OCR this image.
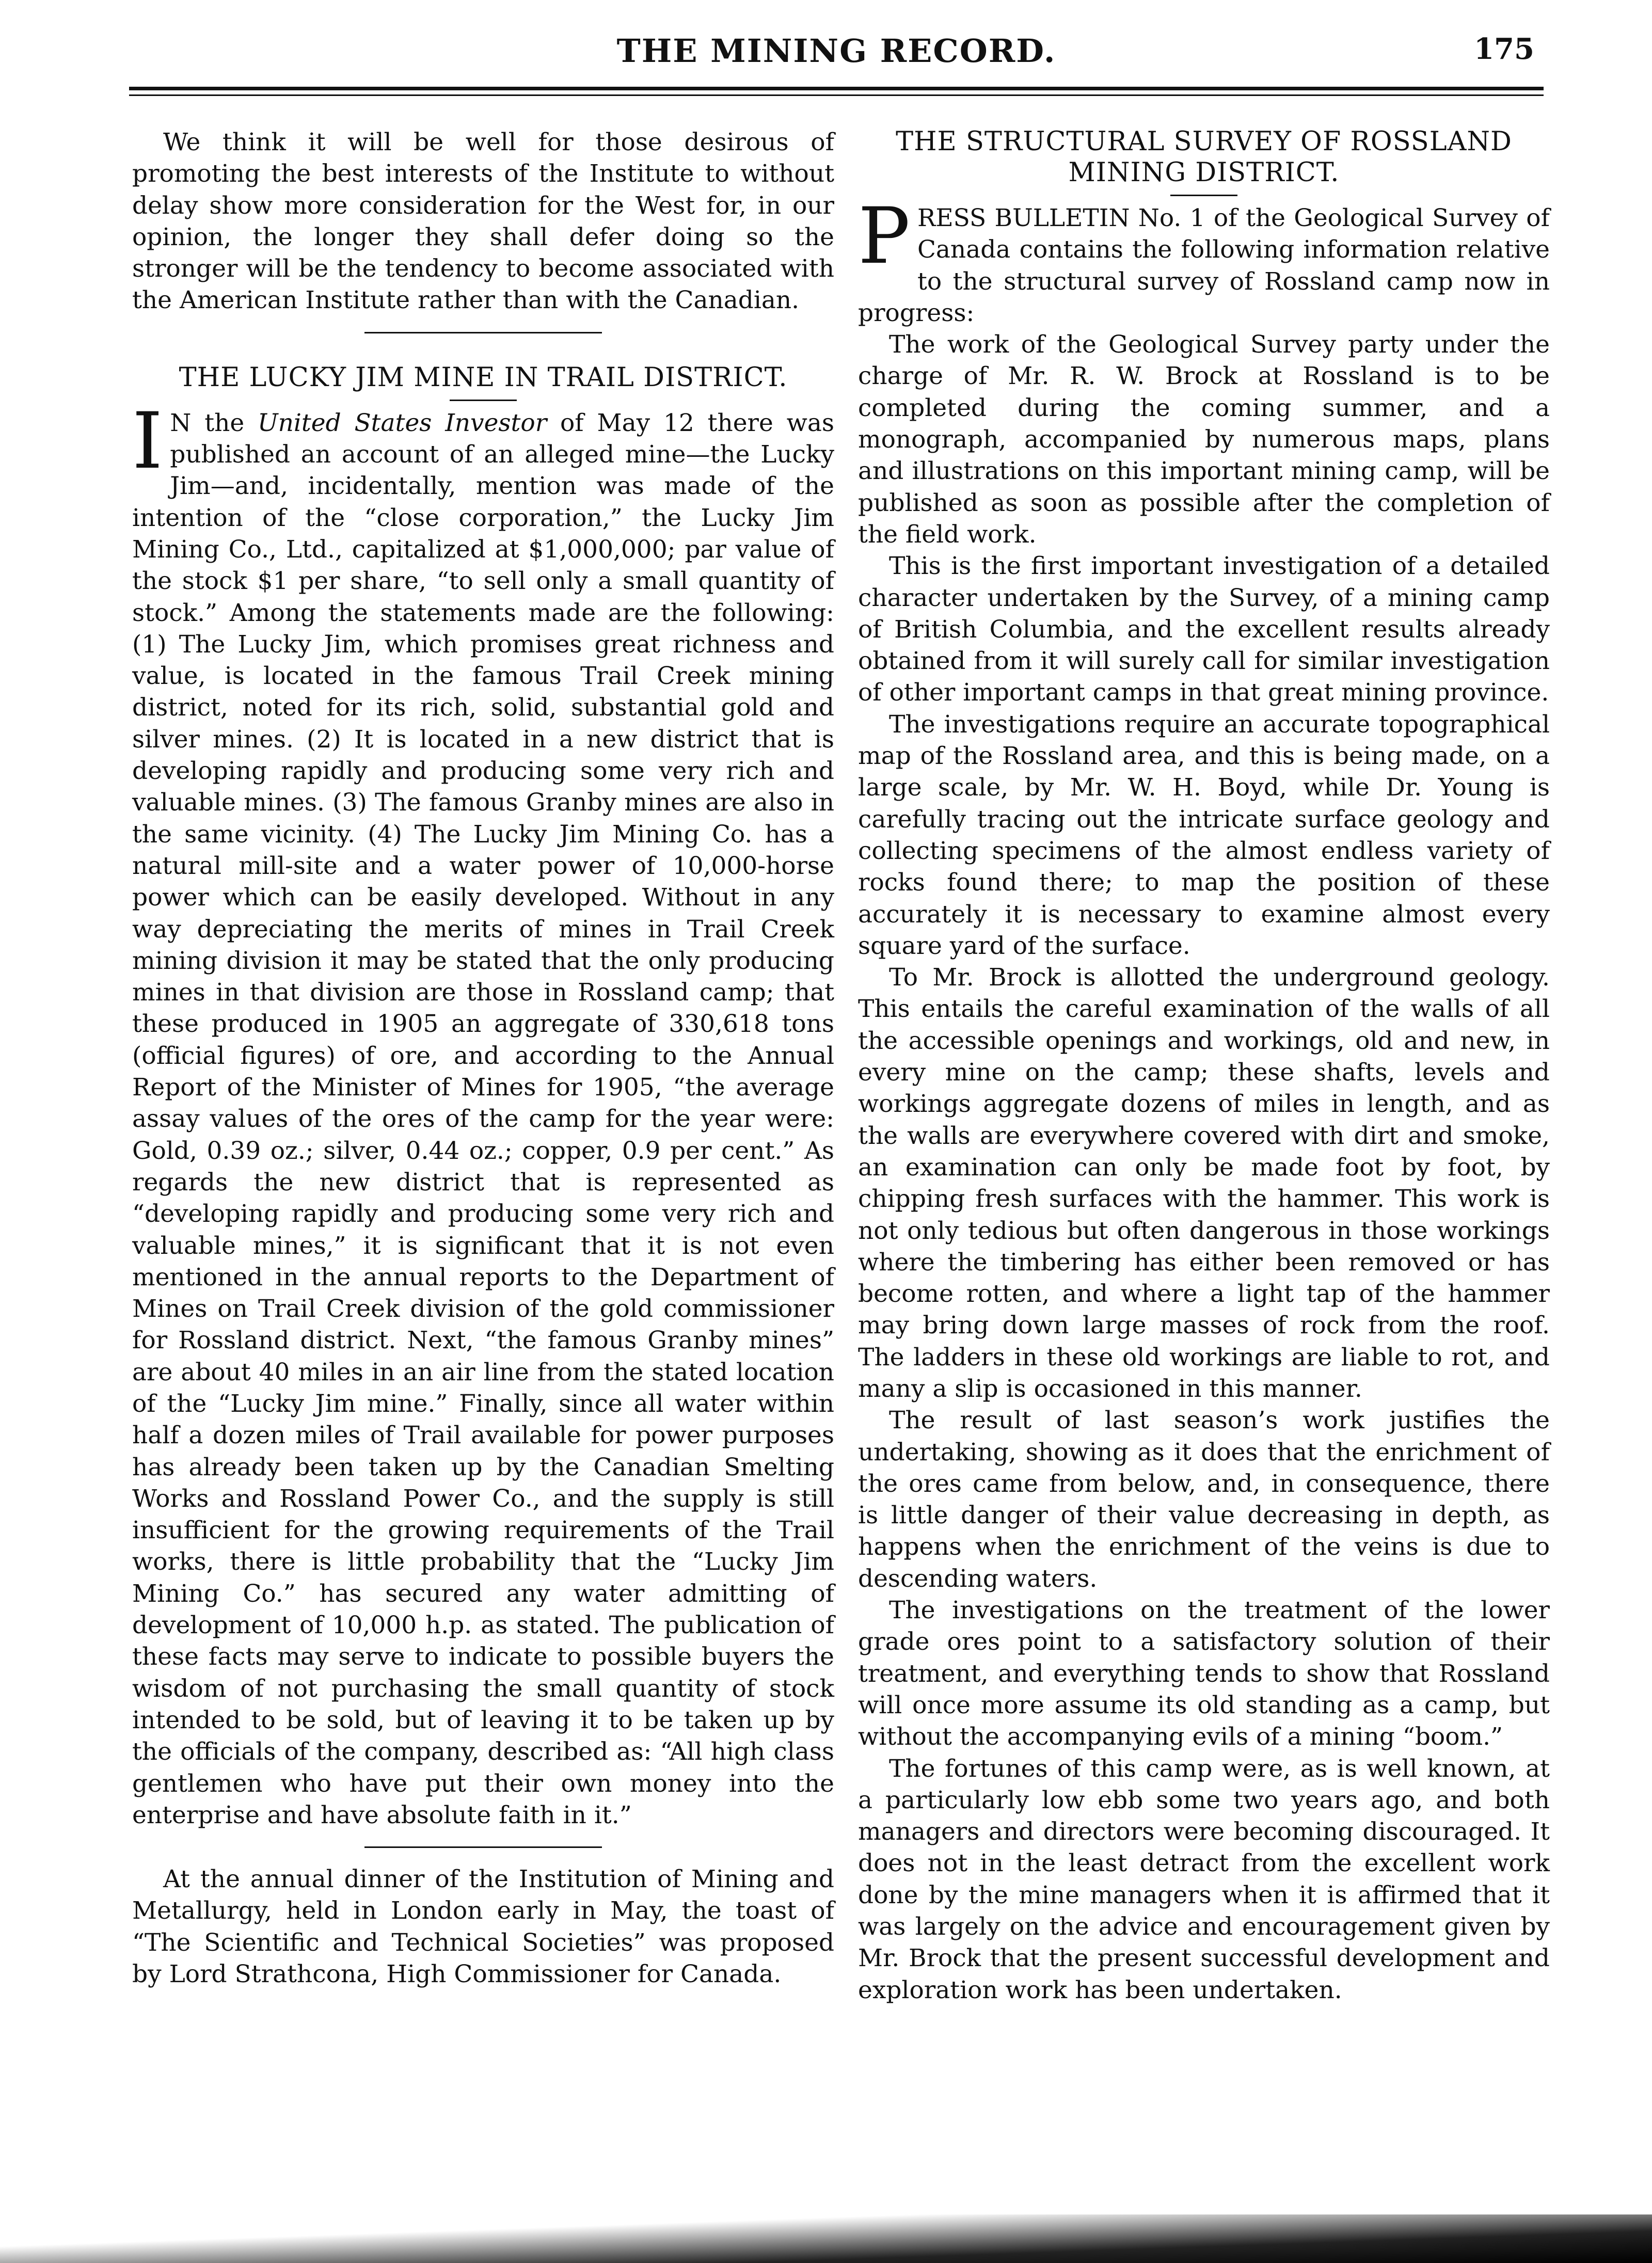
THE MINING RECORD.	175

We think it will be well for those desirous of promoting the best interests of the Institute to without delay show more consideration for the West for, in our opinion, the longer they shall defer doing so the stronger will be the tendency to become associated with the American Institute rather than with the Canadian.

THE LUCKY JIM MINE IN TRAIL DISTRICT.

I N the United States Investor of May 12 there was published an account of an alleged mine—the Lucky Jim—and, incidentally, mention was made of the intention of the “close corporation,” the Lucky Jim Mining Co., Ltd., capitalized at $1,000,000; par value of the stock $1 per share, “to sell only a small quantity of stock.” Among the statements made are the following: (1) The Lucky Jim, which promises great richness and value, is located in the famous Trail Creek mining district, noted for its rich, solid, substantial gold and silver mines. (2) It is located in a new district that is developing rapidly and producing some very rich and valuable mines. (3) The famous Granby mines are also in the same vicinity. (4) The Lucky Jim Mining Co. has a natural mill-site and a water power of 10,000-horse power which can be easily developed. Without in any way depreciating the merits of mines in Trail Creek mining division it may be stated that the only producing mines in that division are those in Rossland camp; that these produced in 1905 an aggregate of 330,618 tons (official figures) of ore, and according to the Annual Report of the Minister of Mines for 1905, “the average assay values of the ores of the camp for the year were: Gold, 0.39 oz.; silver, 0.44 oz.; copper, 0.9 per cent.” As regards the new district that is represented as “developing rapidly and producing some very rich and valuable mines,” it is significant that it is not even mentioned in the annual reports to the Department of Mines on Trail Creek division of the gold commissioner for Rossland district. Next, “the famous Granby mines” are about 40 miles in an air line from the stated location of the “Lucky Jim mine.” Finally, since all water within half a dozen miles of Trail available for power purposes has already been taken up by the Canadian Smelting Works and Rossland Power Co., and the supply is still insufficient for the growing requirements of the Trail works, there is little probability that the “Lucky Jim Mining Co.” has secured any water admitting of development of 10,000 h.p. as stated. The publication of these facts may serve to indicate to possible buyers the wisdom of not purchasing the small quantity of stock intended to be sold, but of leaving it to be taken up by the officials of the company, described as: “All high class gentlemen who have put their own money into the enterprise and have absolute faith in it.”

At the annual dinner of the Institution of Mining and Metallurgy, held in London early in May, the toast of “The Scientific and Technical Societies” was proposed by Lord Strathcona, High Commissioner for Canada.

THE STRUCTURAL SURVEY OF ROSSLAND MINING DISTRICT.

PRESS BULLETIN No. 1 of the Geological Survey of Canada contains the following information relative to the structural survey of Rossland camp now in progress:

The work of the Geological Survey party under the charge of Mr. R. W. Brock at Rossland is to be completed during the coming summer, and a monograph, accompanied by numerous maps, plans and illustrations on this important mining camp, will be published as soon as possible after the completion of the field work.

This is the first important investigation of a detailed character undertaken by the Survey, of a mining camp of British Columbia, and the excellent results already obtained from it will surely call for similar investigation of other important camps in that great mining province.

The investigations require an accurate topographical map of the Rossland area, and this is being made, on a large scale, by Mr. W. H. Boyd, while Dr. Young is carefully tracing out the intricate surface geology and collecting specimens of the almost endless variety of rocks found there; to map the position of these accurately it is necessary to examine almost every square yard of the surface.

To Mr. Brock is allotted the underground geology. This entails the careful examination of the walls of all the accessible openings and workings, old and new, in every mine on the camp; these shafts, levels and workings aggregate dozens of miles in length, and as the walls are everywhere covered with dirt and smoke, an examination can only be made foot by foot, by chipping fresh surfaces with the hammer. This work is not only tedious but often dangerous in those workings where the timbering has either been removed or has become rotten, and where a light tap of the hammer may bring down large masses of rock from the roof. The ladders in these old workings are liable to rot, and many a slip is occasioned in this manner.

The result of last season’s work justifies the undertaking, showing as it does that the enrichment of the ores came from below, and, in consequence, there is little danger of their value decreasing in depth, as happens when the enrichment of the veins is due to descending waters.

The investigations on the treatment of the lower grade ores point to a satisfactory solution of their treatment, and everything tends to show that Rossland will once more assume its old standing as a camp, but without the accompanying evils of a mining “boom.”

The fortunes of this camp were, as is well known, at a particularly low ebb some two years ago, and both managers and directors were becoming discouraged. It does not in the least detract from the excellent work done by the mine managers when it is affirmed that it was largely on the advice and encouragement given by Mr. Brock that the present successful development and exploration work has been undertaken.
